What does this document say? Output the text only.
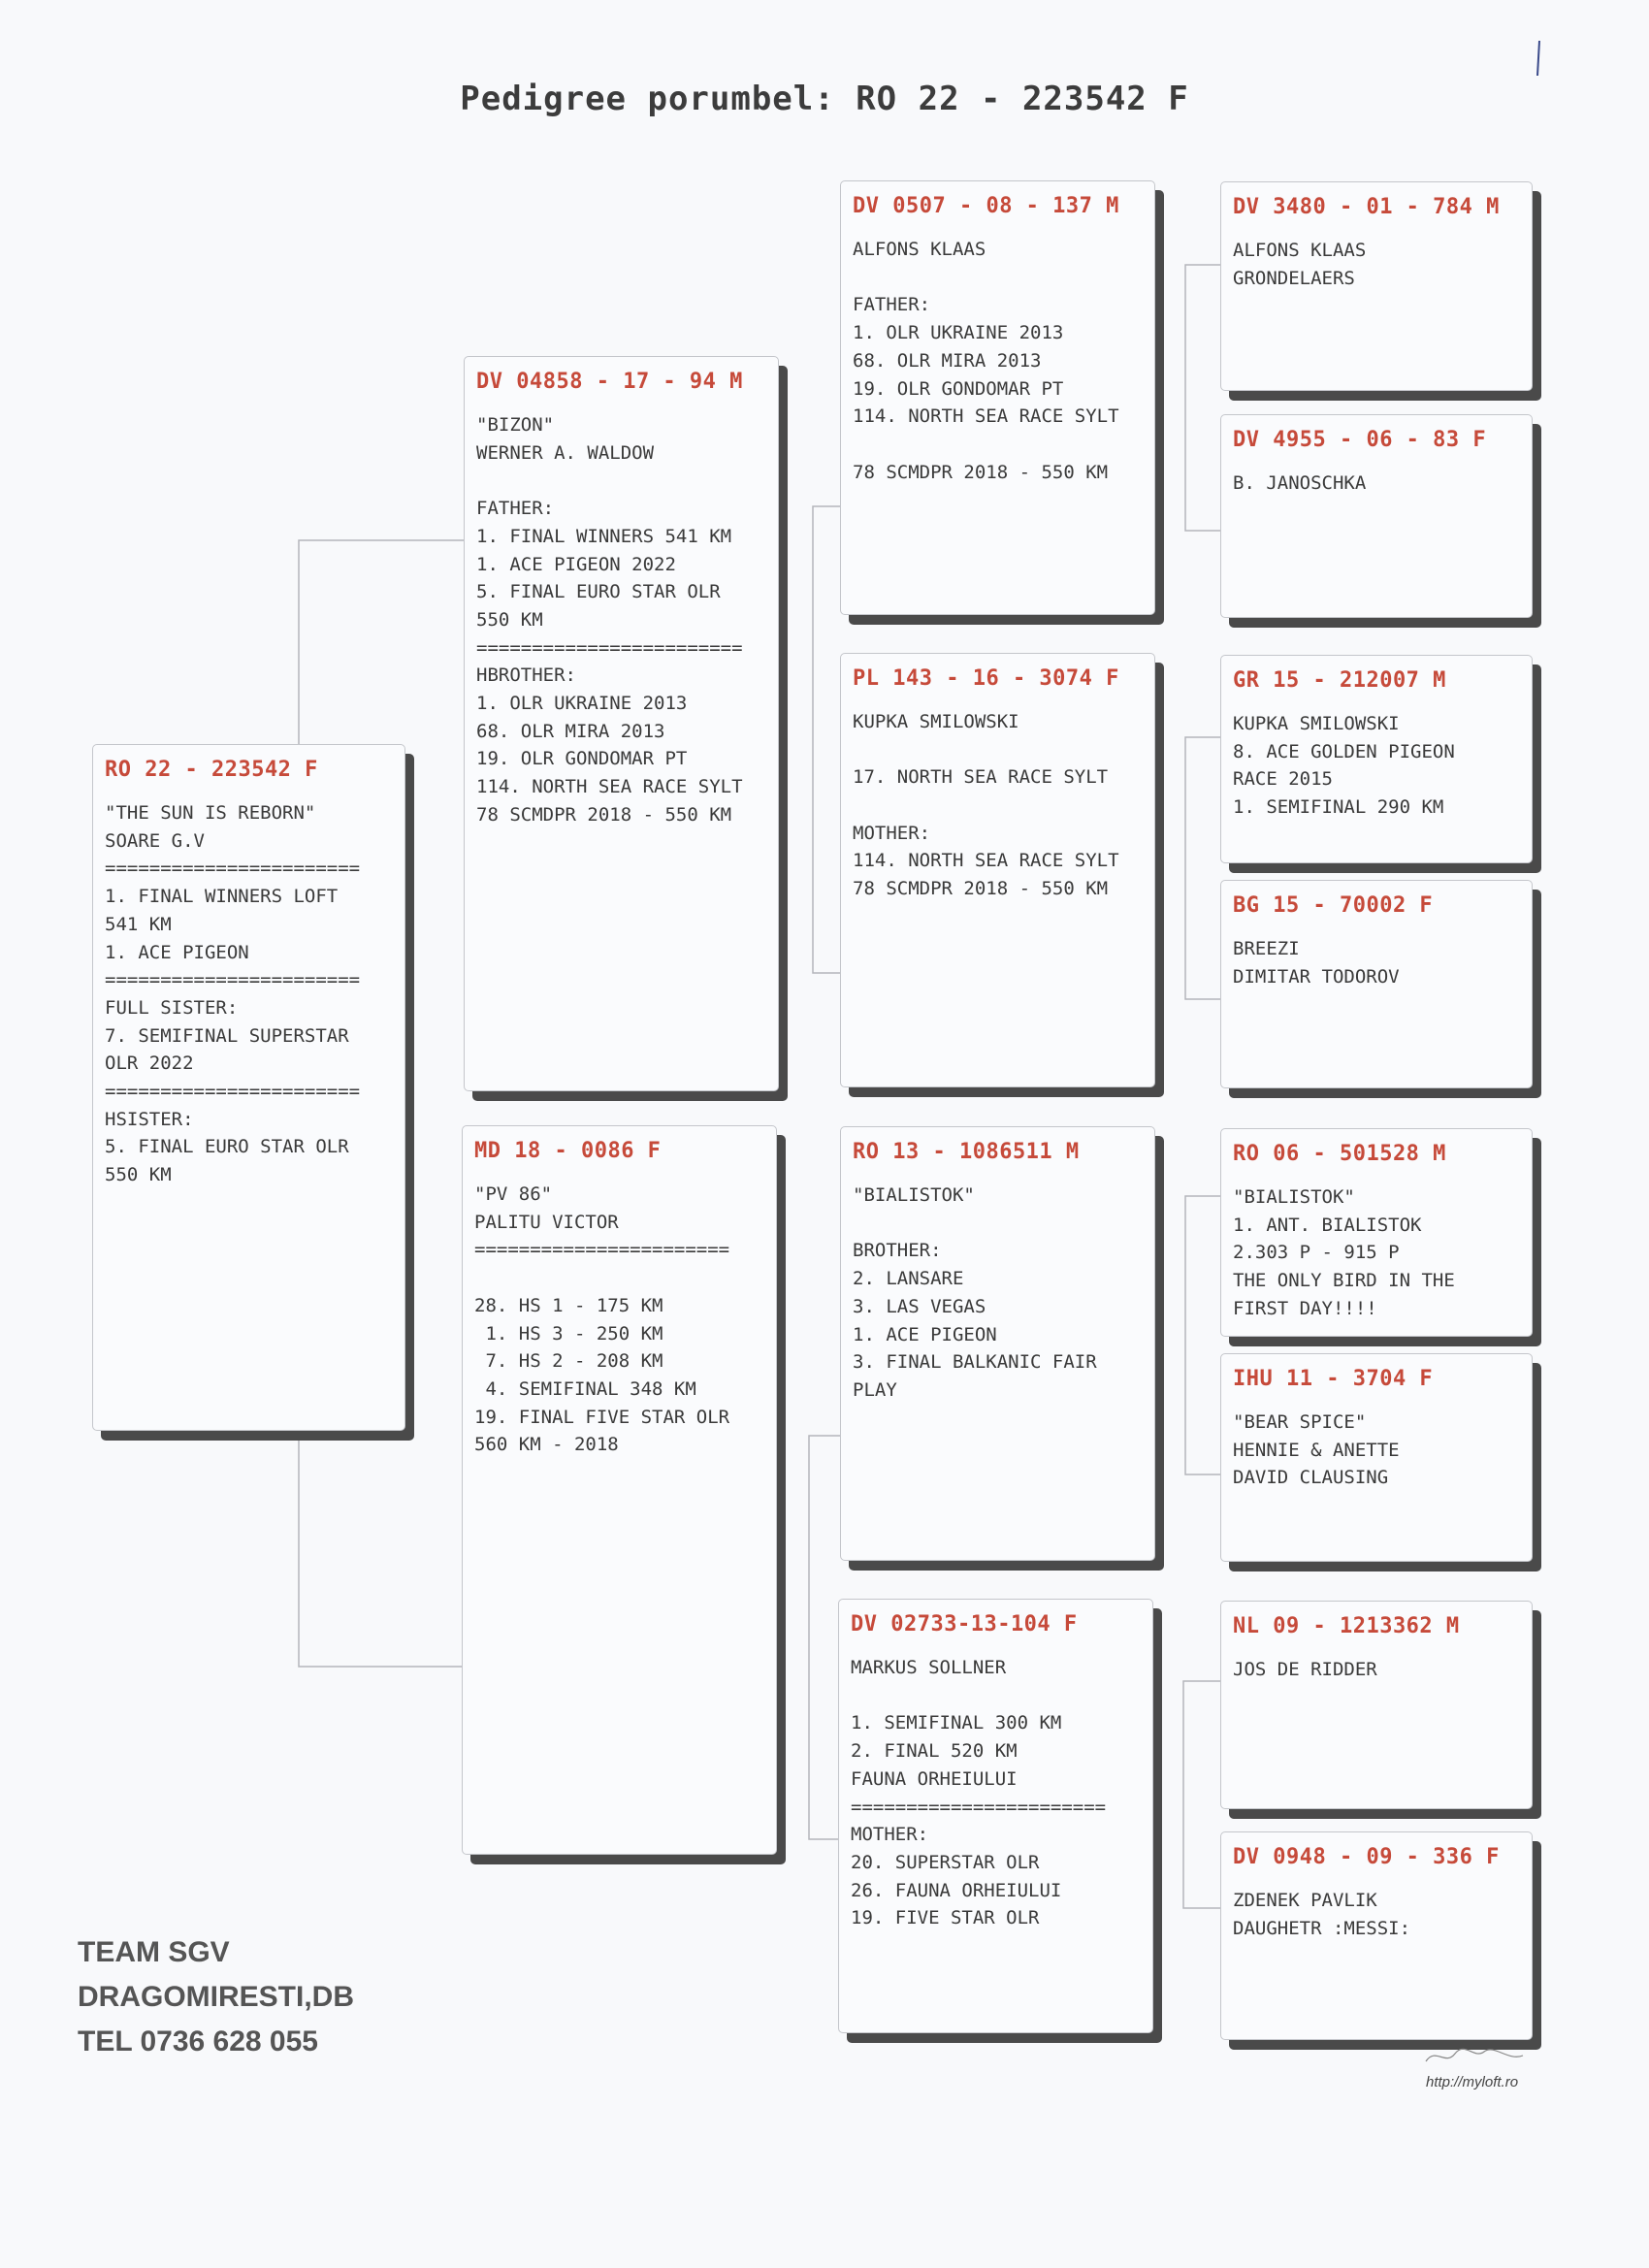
Pedigree porumbel: RO 22 - 223542 F
RO 22 - 223542 F
"THE SUN IS REBORN"
SOARE G.V
=======================
1. FINAL WINNERS LOFT
541 KM
1. ACE PIGEON
=======================
FULL SISTER:
7. SEMIFINAL SUPERSTAR
OLR 2022
=======================
HSISTER:
5. FINAL EURO STAR OLR
550 KM
DV 04858 - 17 - 94 M
"BIZON"
WERNER A. WALDOW
FATHER:
1. FINAL WINNERS 541 KM
1. ACE PIGEON 2022
5. FINAL EURO STAR OLR
550 KM
========================
HBROTHER:
1. OLR UKRAINE 2013
68. OLR MIRA 2013
19. OLR GONDOMAR PT
114. NORTH SEA RACE SYLT
78 SCMDPR 2018 - 550 KM
MD 18 - 0086 F
"PV 86"
PALITU VICTOR
=======================
28. HS 1 - 175 KM
1. HS 3 - 250 KM
7. HS 2 - 208 KM
4. SEMIFINAL 348 KM
19. FINAL FIVE STAR OLR
560 KM - 2018
DV 0507 - 08 - 137 M
ALFONS KLAAS
FATHER:
1. OLR UKRAINE 2013
68. OLR MIRA 2013
19. OLR GONDOMAR PT
114. NORTH SEA RACE SYLT
78 SCMDPR 2018 - 550 KM
PL 143 - 16 - 3074 F
KUPKA SMILOWSKI
17. NORTH SEA RACE SYLT
MOTHER:
114. NORTH SEA RACE SYLT
78 SCMDPR 2018 - 550 KM
RO 13 - 1086511 M
"BIALISTOK"
BROTHER:
2. LANSARE
3. LAS VEGAS
1. ACE PIGEON
3. FINAL BALKANIC FAIR
PLAY
DV 02733-13-104 F
MARKUS SOLLNER
1. SEMIFINAL 300 KM
2. FINAL 520 KM
FAUNA ORHEIULUI
=======================
MOTHER:
20. SUPERSTAR OLR
26. FAUNA ORHEIULUI
19. FIVE STAR OLR
DV 3480 - 01 - 784 M
ALFONS KLAAS
GRONDELAERS
DV 4955 - 06 - 83 F
B. JANOSCHKA
GR 15 - 212007 M
KUPKA SMILOWSKI
8. ACE GOLDEN PIGEON
RACE 2015
1. SEMIFINAL 290 KM
BG 15 - 70002 F
BREEZI
DIMITAR TODOROV
RO 06 - 501528 M
"BIALISTOK"
1. ANT. BIALISTOK
2.303 P - 915 P
THE ONLY BIRD IN THE
FIRST DAY!!!!
IHU 11 - 3704 F
"BEAR SPICE"
HENNIE & ANETTE
DAVID CLAUSING
NL 09 - 1213362 M
JOS DE RIDDER
DV 0948 - 09 - 336 F
ZDENEK PAVLIK
DAUGHETR :MESSI:
TEAM SGV
DRAGOMIRESTI,DB
TEL 0736 628 055
http://myloft.ro
